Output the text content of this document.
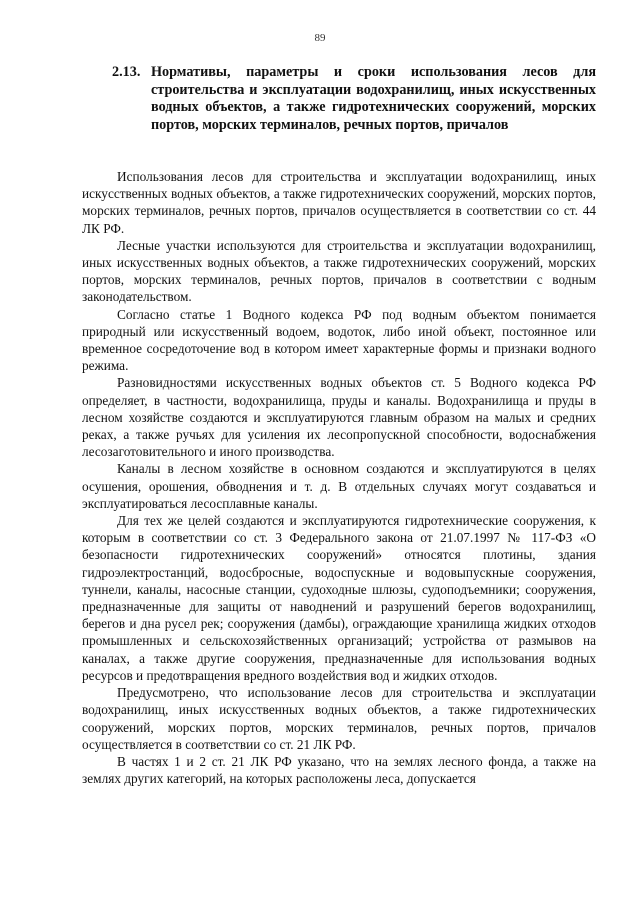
89
2.13. Нормативы, параметры и сроки использования лесов для строительства и эксплуатации водохранилищ, иных искусственных водных объектов, а также гидротехнических сооружений, морских портов, морских терминалов, речных портов, причалов

Использования лесов для строительства и эксплуатации водохранилищ, иных искусственных водных объектов, а также гидротехнических сооружений, морских портов, морских терминалов, речных портов, причалов осуществляется в соответствии со ст. 44 ЛК РФ.

Лесные участки используются для строительства и эксплуатации водохранилищ, иных искусственных водных объектов, а также гидротехнических сооружений, морских портов, морских терминалов, речных портов, причалов в соответствии с водным законодательством.

Согласно статье 1 Водного кодекса РФ под водным объектом понимается природный или искусственный водоем, водоток, либо иной объект, постоянное или временное сосредоточение вод в котором имеет характерные формы и признаки водного режима.

Разновидностями искусственных водных объектов ст. 5 Водного кодекса РФ определяет, в частности, водохранилища, пруды и каналы. Водохранилища и пруды в лесном хозяйстве создаются и эксплуатируются главным образом на малых и средних реках, а также ручьях для усиления их лесопропускной способности, водоснабжения лесозаготовительного и иного производства.

Каналы в лесном хозяйстве в основном создаются и эксплуатируются в целях осушения, орошения, обводнения и т. д. В отдельных случаях могут создаваться и эксплуатироваться лесосплавные каналы.

Для тех же целей создаются и эксплуатируются гидротехнические сооружения, к которым в соответствии со ст. 3 Федерального закона от 21.07.1997 № 117-ФЗ «О безопасности гидротехнических сооружений» относятся плотины, здания гидроэлектростанций, водосбросные, водоспускные и водовыпускные сооружения, туннели, каналы, насосные станции, судоходные шлюзы, судоподъемники; сооружения, предназначенные для защиты от наводнений и разрушений берегов водохранилищ, берегов и дна русел рек; сооружения (дамбы), ограждающие хранилища жидких отходов промышленных и сельскохозяйственных организаций; устройства от размывов на каналах, а также другие сооружения, предназначенные для использования водных ресурсов и предотвращения вредного воздействия вод и жидких отходов.

Предусмотрено, что использование лесов для строительства и эксплуатации водохранилищ, иных искусственных водных объектов, а также гидротехнических сооружений, морских портов, морских терминалов, речных портов, причалов осуществляется в соответствии со ст. 21 ЛК РФ.

В частях 1 и 2 ст. 21 ЛК РФ указано, что на землях лесного фонда, а также на землях других категорий, на которых расположены леса, допускается
